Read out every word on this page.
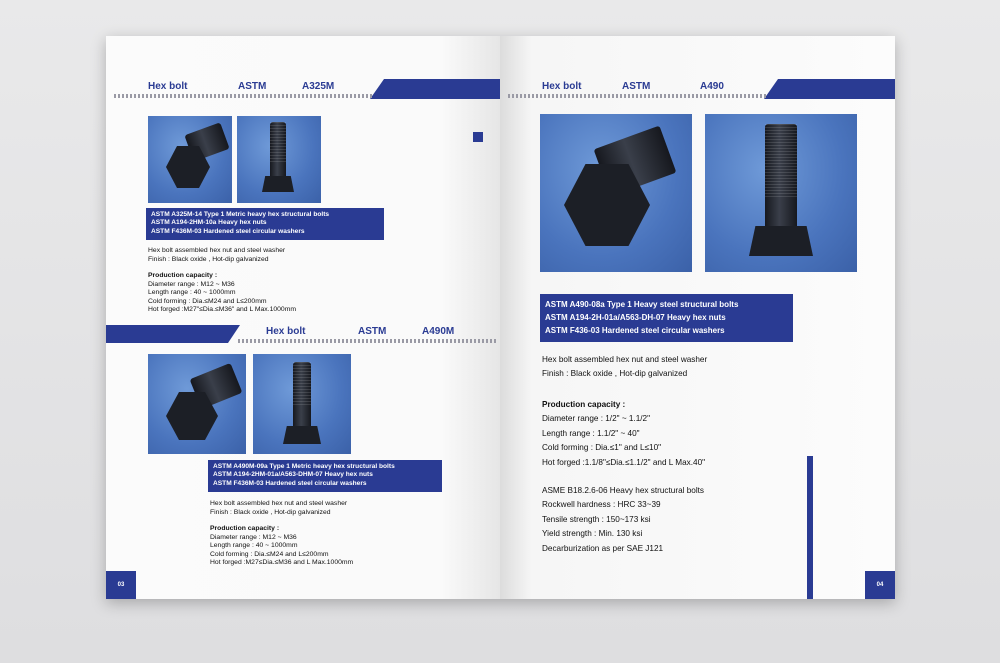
Hex bolt	ASTM	A325M
ASTM A325M-14 Type 1 Metric heavy hex structural bolts
ASTM A194-2HM-10a Heavy hex nuts
ASTM F436M-03 Hardened steel circular washers
Hex bolt assembled hex nut and steel washer
Finish : Black oxide , Hot-dip galvanized
Production capacity :
Diameter range : M12 ~ M36
Length range : 40 ~ 1000mm
Cold forming : Dia.≤M24 and L≤200mm
Hot forged :M27"≤Dia.≤M36" and L Max.1000mm
Hex bolt	ASTM	A490M
ASTM A490M-09a Type 1 Metric heavy hex structural bolts
ASTM A194-2HM-01a/A563-DHM-07 Heavy hex nuts
ASTM F436M-03 Hardened steel circular washers
Hex bolt assembled hex nut and steel washer
Finish : Black oxide , Hot-dip galvanized
Production capacity :
Diameter range : M12 ~ M36
Length range : 40 ~ 1000mm
Cold forming : Dia.≤M24 and L≤200mm
Hot forged :M27≤Dia.≤M36 and L Max.1000mm
03
Hex bolt	ASTM	A490
ASTM A490-08a Type 1 Heavy steel structural bolts
ASTM A194-2H-01a/A563-DH-07 Heavy hex nuts
ASTM F436-03 Hardened steel circular washers
Hex bolt assembled hex nut and steel washer
Finish : Black oxide , Hot-dip galvanized
Production capacity :
Diameter range : 1/2" ~ 1.1/2"
Length range : 1.1/2" ~ 40"
Cold forming : Dia.≤1" and L≤10"
Hot forged :1.1/8"≤Dia.≤1.1/2" and L Max.40"
ASME B18.2.6-06 Heavy hex structural bolts
Rockwell hardness : HRC 33~39
Tensile strength : 150~173 ksi
Yield strength : Min. 130 ksi
Decarburization as per SAE J121
04
